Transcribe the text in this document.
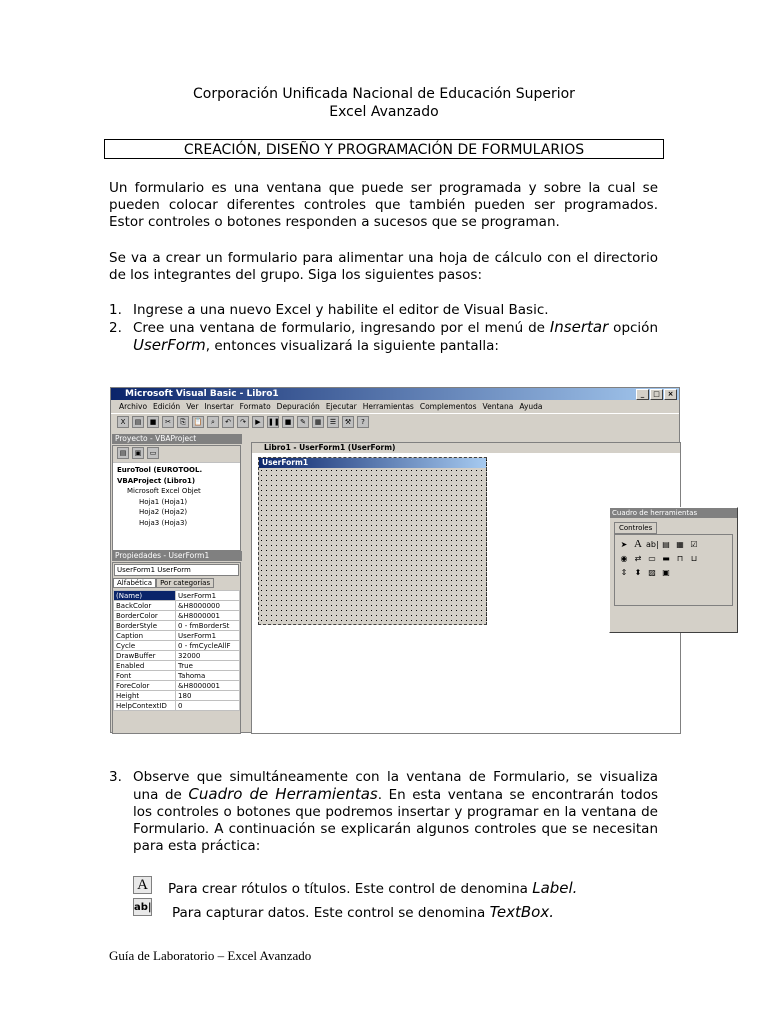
Corporación Unificada Nacional de Educación Superior
Excel Avanzado
CREACIÓN, DISEÑO Y PROGRAMACIÓN DE FORMULARIOS
Un formulario es una ventana que puede ser programada y sobre la cual se pueden colocar diferentes controles que también pueden ser programados. Estor controles o botones responden a sucesos que se programan.
Se va a crear un formulario para alimentar una hoja de cálculo con el directorio de los integrantes del grupo. Siga los siguientes pasos:
1. Ingrese a una nuevo Excel y habilite el editor de Visual Basic.
2. Cree una ventana de formulario, ingresando por el menú de Insertar opción UserForm, entonces visualizará la siguiente pantalla:
Microsoft Visual Basic - Libro1	_	□	×
Archivo Edición Ver Insertar Formato Depuración Ejecutar Herramientas Complementos Ventana Ayuda
X	▤	■	✂	⎘	📋	⌕	↶	↷	▶	❚❚ ■	✎	▦	☰	⚒	?
Proyecto - VBAProject
▤	▣	▭
EuroTool (EUROTOOL.
VBAProject (Libro1)
Microsoft Excel Objet
Hoja1 (Hoja1)
Hoja2 (Hoja2)
Hoja3 (Hoja3)
Propiedades - UserForm1
UserForm1 UserForm
Alfabética	Por categorías
(Name)	UserForm1
BackColor	&H8000000
BorderColor	&H8000001
BorderStyle	0 - fmBorderSt
Caption	UserForm1
Cycle	0 - fmCycleAllF
DrawBuffer	32000
Enabled	True
Font	Tahoma
ForeColor	&H8000001
Height	180
HelpContextID	0
Libro1 - UserForm1 (UserForm)
UserForm1
Cuadro de herramientas
Controles
➤ A ab| ▤ ▦ ☑
◉ ⇄ ▭ ▬ ⊓ ⊔
⇕ ⬍ ▨ ▣
3. Observe que simultáneamente con la ventana de Formulario, se visualiza una de Cuadro de Herramientas. En esta ventana se encontrarán todos los controles o botones que podremos insertar y programar en la ventana de Formulario. A continuación se explicarán algunos controles que se necesitan para esta práctica:
A	Para crear rótulos o títulos. Este control de denomina Label.
ab| Para capturar datos. Este control se denomina TextBox.
Guía de Laboratorio – Excel Avanzado
